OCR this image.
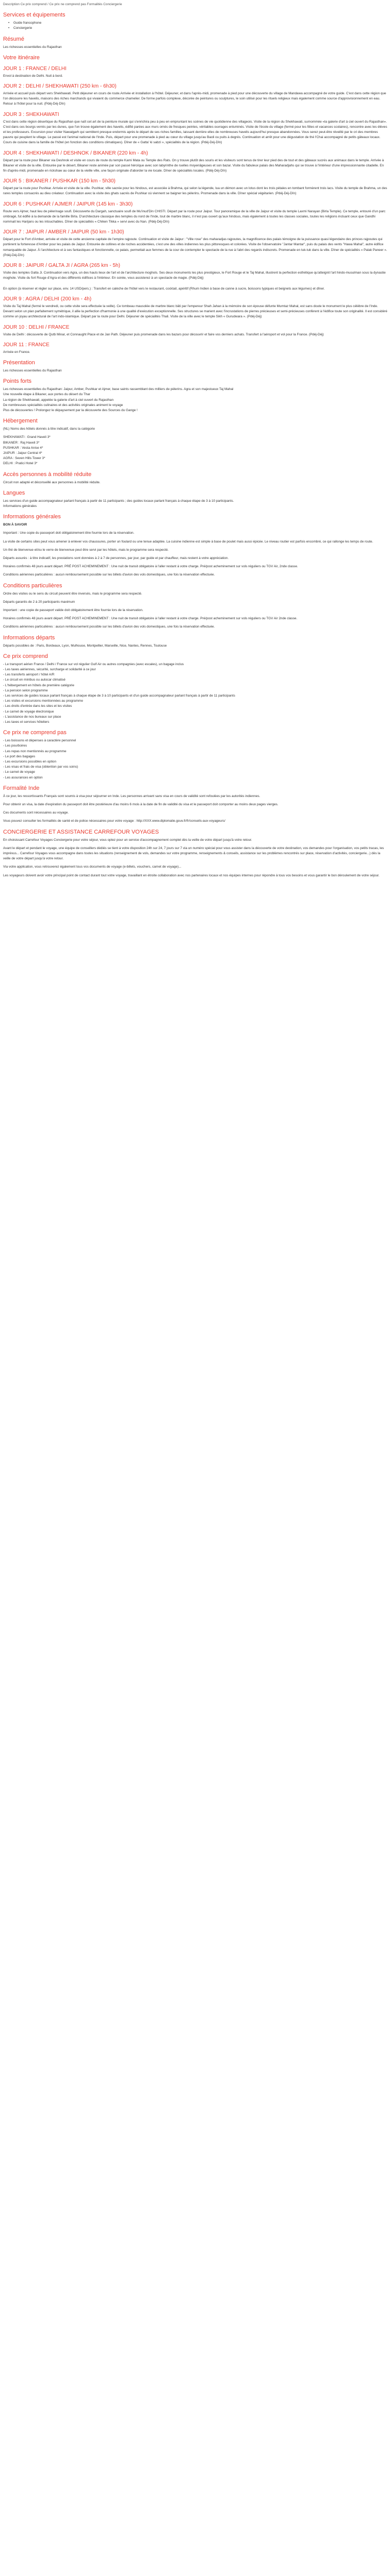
Description Ce prix comprend / Ce prix ne comprend pas Formalités Conciergerie
Services et équipements
•	Guide francophone
•	Conciergerie
Résumé
Les richesses essentielles du Rajasthan
Votre itinéraire
JOUR 1 : FRANCE / DELHI
Envol à destination de Delhi. Nuit à bord.
JOUR 2 : DELHI / SHEKHAWATI (250 km - 6h30)
Arrivée et accueil puis départ vers Shekhawati. Petit déjeuner en cours de route.Arrivée et installation à l'hôtel. Déjeuner, et dans l'après-midi, promenade à pied pour une découverte du village de Mandawa accompagné de votre guide. C'est dans cette région que l'on découvre les havelis, maisons des riches marchands qui vivaient du commerce chamelier. De forme parfois complexe, décorée de peintures ou sculptures, le soin utilisé pour les rituels religieux mais également comme source d'approvisionnement en eau. Retour à l'hôtel pour la nuit. (Pdéj-Déj-Dîn)
JOUR 3 : SHEKHAWATI
C'est dans cette région désertique du Rajasthan que naît cet art de la peinture murale qui s'enrichira peu à peu en empruntant les scènes de vie quotidienne des villageois. Visite de la région du Shekhawati, surnommée «la galerie d'art à ciel ouvert du Rajasthan». C'est dans ces bourgs verrés par les dunes, que l'on trouve également des havelis, édifié parées aux murs ornés de fresques peintes, véritables ouvrages enluminés. Visite de l'école du village (fermé pour les fêtes et vacances scolaires), rencontre avec les élèves et les professeurs. Excursion pour visiter Nawalgarh qui semblent presque endormis après le départ de ses riches familles, laissant derrière elles de nombreuses havelis aujourd'hui presque abandonnées. Vous serez peut-être réveillé par le cri des membres pauvre qui peuplent le village. Le passé est l'animal national de l'Inde. Puis, départ pour une promenade à pied au cœur du village jusqu'au Baoli ou puits à degrés. Continuation et arrêt pour une dégustation de thé l'Chai accompagné de petits gâteaux locaux. Cours de cuisine dans la famille de l'hôtel (en fonction des conditions climatiques). Dîner de « Gatta' ki sabzi », spécialités de la région. (Pdéj-Déj-Dîn)
JOUR 4 : SHEKHAWATI / DESHNOK / BIKANER (220 km - 4h)
Départ par la route pour Bikaner via Deshnok et visite en cours de route du temple Karni Mata ou Temple des Rats. On y trouve plutôt des souris et les visiteurs sont tenus de tirer leur pied des de tout et des gâteaux sucrés aux animaux dans le temple. Arrivée à Bikaner et visite de la ville. Entourée par le désert, Bikaner reste animée par son passé héroïque avec son labyrinthe de ruelles moyenâgeuses et son bazar. Visite du fabuleux palais des Maharadjahs qui se trouve à l'intérieur d'une impressionnante citadelle. En fin d'après-midi, promenade en rickshaw au cœur de la vieille ville, une façon originale d'aborder la vie locale. Dîner de spécialités locales. (Pdéj-Déj-Dîn)
JOUR 5 : BIKANER / PUSHKAR (150 km - 5h30)
Départ par la route pour Pushkar. Arrivée et visite de la ville. Pushkar, ville sacrée pour les hindous, est associée à Brahma, qui selon la légende, lua un démon avec un lotus dont les trois pétales en tombant formèrent trois lacs. Visite du temple de Brahma, un des rares temples consacrés au dieu créateur. Continuation avec la visite des ghats sacrés de Pushkar où viennent se baigner les pèlerins. Promenade dans la ville. Dîner spécial végétarien. (Pdéj-Déj-Dîn)
JOUR 6 : PUSHKAR / AJMER / JAIPUR (145 km - 3h30)
Route vers Ajmer, haut lieu de pèlerinage soufi. Découverte du Dargah, sanctuaire soufi de Mu'inud'Din CHISTI. Départ par la route pour Jaipur. Tour panoramique de la ville de Jaipur et visite du temple Laxmi Narayan (Birla Temple). Ce temple, entouré d'un parc ombragé, fut édifié à la demande de la famille Birla. D'architecture classique des temples du nord de l'Inde, tout de marbre blanc, il n'est pas ouvert qu'aux hindous, mais également à toutes les classes sociales, toutes les religions incluant ceux que Gandhi nommait les Harijans ou les intouchables. Dîner de spécialités « Chiken Tikka » servi avec du Nan. (Pdéj-Déj-Dîn)
JOUR 7 : JAIPUR / AMBER / JAIPUR (50 km - 1h30)
Départ pour le Fort d'Amber, arrivée et visite de cette ancienne capitale de l'empire rajpoute. Continuation et visite de Jaipur : "Ville rose" des maharadjas rajpoutes, la magnificence des palais témoigne de la puissance quasi légendaire des princes rajpoutes qui portèrent la forteresse d'Amber pour les palais de Jaipur. Entourée de collines et de roches accidentées, c'est une des villes indiennes les plus pittoresques et colorées. Visite de l'observatoire "Jantar Mantar", puis du palais des vents "Hawa Mahal", autre édifice remarquable de Jaipur. À l'architecture et à ses fantastiques et fonctionnelle, ce palais, permettait aux femmes de la cour de contempler le spectacle de la rue à l'abri des regards indiscrets. Promenade en tuk-tuk dans la ville. Dîner de spécialités « Palak Paneer ». (Pdéj-Déj-Dîn)
JOUR 8 : JAIPUR / GALTA JI / AGRA (265 km - 5h)
Visite des temples Galta Ji. Continuation vers Agra, un des hauts lieux de l'art et de l'architecture moghols. Ses deux monuments les plus prestigieux, le Fort Rouge et le Taj Mahal, illustrent la perfection esthétique qu'atteignit l'art hindo-musulman sous la dynastie moghole. Visite du fort Rouge d'Agra et des différents édifices à l'intérieur. En soirée, vous assisterez à un spectacle de magie. (Pdéj-Déj)

En option (à réserver et régler sur place, env. 14 USD/pers.) : Transfert en calèche de l'hôtel vers le restaurant, cocktail, apéritif (Rhum Indien à base de canne à sucre, boissons typiques et beignets aux légumes) et dîner.
JOUR 9 : AGRA / DELHI (200 km - 4h)
Visite du Taj Mahal (fermé le vendredi, ou cette visite sera effectuée la veille). Ce tombeau mausolée de marbre blanc bâti par l'empereur Shah Jahan à la mémoire de son épouse défunte Mumtaz Mahal, est sans doute le monument le plus célèbre de l'Inde. Devant selon un plan parfaitement symétrique, il allie la perfection d'harmonie à une qualité d'exécution exceptionnelle. Ses structures se marient avec l'incrustations de pierres précieuses et semi-précieuses confèrent à l'édifice toute son originalité. Il est considéré comme un joyau architectural de l'art indo-islamique. Départ par la route pour Delhi. Déjeuner de spécialités Thali. Visite de la ville avec le temple Sikh « Gurudwara ». (Pdéj-Déj)
JOUR 10 : DELHI / FRANCE
Visite de Delhi : découverte de Qutb Minar, et Connaught Place et de Jan Path. Déjeuner puis promenade dans les bazars pour découvrir et faire vos derniers achats. Transfert à l'aéroport et vol pour la France. (Pdéj-Déj)
JOUR 11 : FRANCE
Arrivée en France.
Présentation
Les richesses essentielles du Rajasthan
Points forts
Les richesses essentielles du Rajasthan: Jaipur, Amber, Pushkar et Ajmer, base saints rassemblant des milliers de pèlerins. Agra et son majestueux Taj Mahal
Une nouvelle étape à Bikaner, aux portes du désert du Thar
La région de Shekhawati, appelée la galerie d'art à ciel ouvert du Rajasthan
De nombreuses spécialités culinaires et des activités originales animent le voyage
Plus de découvertes ! Prolongez le dépaysement par la découverte des Sources du Gange !
Hébergement
(NL) Noms des hôtels donnés à titre indicatif, dans la catégorie
SHEKHAWATI : Grand Haveli 3*
BIKANER : Raj Haveli 3*
PUSHKAR : Vesta Anise 4*
JAIPUR : Jaipur Central 4*
AGRA : Seven Hills Tower 3*
DELHI : Pratici Hotel 3*
Accès personnes à mobilité réduite
Circuit non adapté et déconseillé aux personnes à mobilité réduite.
Langues
Les services d'un guide accompagnateur parlant français à partir de 11 participants ; des guides locaux parlant français à chaque étape de 3 à 10 participants.
Informations générales
Informations générales
BON À SAVOIR
Important : Une copie du passeport doit obligatoirement être fournie lors de la réservation.
La visite de certains sites peut vous amener à enlever vos chaussures, porter un foulard ou une tenue adaptée. La cuisine indienne est simple à base de poulet mais aussi épicée. Le niveau routier est parfois encombré, ce qui rallonge les temps de route.
Un thé de bienvenue et/ou le verre de bienvenue peut être servi par les hôtels, mais le programme sera respecté.
Départs assurés : à titre indicatif, les prestations sont données à 2 à 7 de personnes, par jour, par guide et par chauffeur, mais restent à votre appréciation.
Horaires confirmés 48 jours avant départ. PRÉ POST ACHEMINEMENT : Une nuit de transit obligatoire à l'aller restant à votre charge. Pré/post acheminement sur vols réguliers ou TGV Air, 2nde classe.
Conditions aériennes particulières : aucun remboursement possible sur les billets d'avion des vols domestiques, une fois la réservation effectuée.
Conditions particulières
Ordre des visites ou le sens du circuit peuvent être inversés, mais le programme sera respecté.
Départs garantis de 2 à 20 participants maximum
Important : une copie de passeport valide doit obligatoirement être fournie lors de la réservation.
Horaires confirmés 48 jours avant départ. PRÉ POST ACHEMINEMENT : Une nuit de transit obligatoire à l'aller restant à votre charge. Pré/post acheminement sur vols réguliers ou TGV Air 2nde classe.
Conditions aériennes particulières : aucun remboursement possible sur les billets d'avion des vols domestiques, une fois la réservation effectuée.
Informations départs
Départs possibles de : Paris, Bordeaux, Lyon, Mulhouse, Montpellier, Marseille, Nice, Nantes, Rennes, Toulouse
Ce prix comprend
- Le transport aérien France / Delhi / France sur vol régulier Gulf Air ou autres compagnies (avec escales), un bagage inclus
- Les taxes aériennes, sécurité, surcharge et solidarité à ce jour
- Les transferts aéroport / hôtel A/R
- Le circuit en minibus ou autocar climatisé
- L'hébergement en hôtels de première catégorie
- La pension selon programme
- Les services de guides locaux parlant français à chaque étape de 3 à 10 participants et d'un guide accompagnateur parlant français à partir de 11 participants
- Les visites et excursions mentionnées au programme
- Les droits d'entrée dans les sites et les visites
- Le carnet de voyage électronique
- L'assistance de nos bureaux sur place
- Les taxes et services hôteliers
Ce prix ne comprend pas
- Les boissons et dépenses à caractère personnel
- Les pourboires
- Les repas non mentionnés au programme
- Le port des bagages
- Les excursions possibles en option
- Les visas et frais de visa (obtention par vos soins)
- Le carnet de voyage
- Les assurances en option
Formalité Inde
À ce jour, les ressortissants Français sont soumis à visa pour séjourner en Inde. Les personnes arrivant sans visa en cours de validité sont refoulées par les autorités indiennes.
Pour obtenir un visa, la date d'expiration du passeport doit être postérieure d'au moins 6 mois à la date de fin de validité du visa et le passeport doit comporter au moins deux pages vierges.
Ces documents sont nécessaires au voyage.
Vous pouvez consulter les formalités de santé et de police nécessaires pour votre voyage : http://XXX.www.diplomatie.gouv.fr/fr/conseils-aux-voyageurs/
CONCIERGERIE ET ASSISTANCE CARREFOUR VOYAGES
En choisissant Carrefour Voyages Conciergerie pour votre séjour, vous optez pour un service d'accompagnement complet dès la veille de votre départ jusqu'à votre retour.
Avant le départ et pendant le voyage, une équipe de conseillers dédiés se tient à votre disposition 24h sur 24, 7 jours sur 7 via un numéro spécial pour vous assister dans la découverte de votre destination, vos demandes pour l'organisation, vos petits tracas, les imprévus... Carrefour Voyages vous accompagne dans toutes les situations (renseignement de vols, demandes sur votre programme, renseignements & conseils, assistance sur les problèmes rencontrés sur place, réservation d'activités, conciergerie...) dès la veille de votre départ jusqu'à votre retour.
Via votre application, vous retrouverez également tous vos documents de voyage (e-billets, vouchers, carnet de voyage)...
Les voyageurs doivent avoir votre principal point de contact durant tout votre voyage, travaillant en étroite collaboration avec nos partenaires locaux et nos équipes internes pour répondre à tous vos besoins et vous garantir le bon déroulement de votre séjour.
